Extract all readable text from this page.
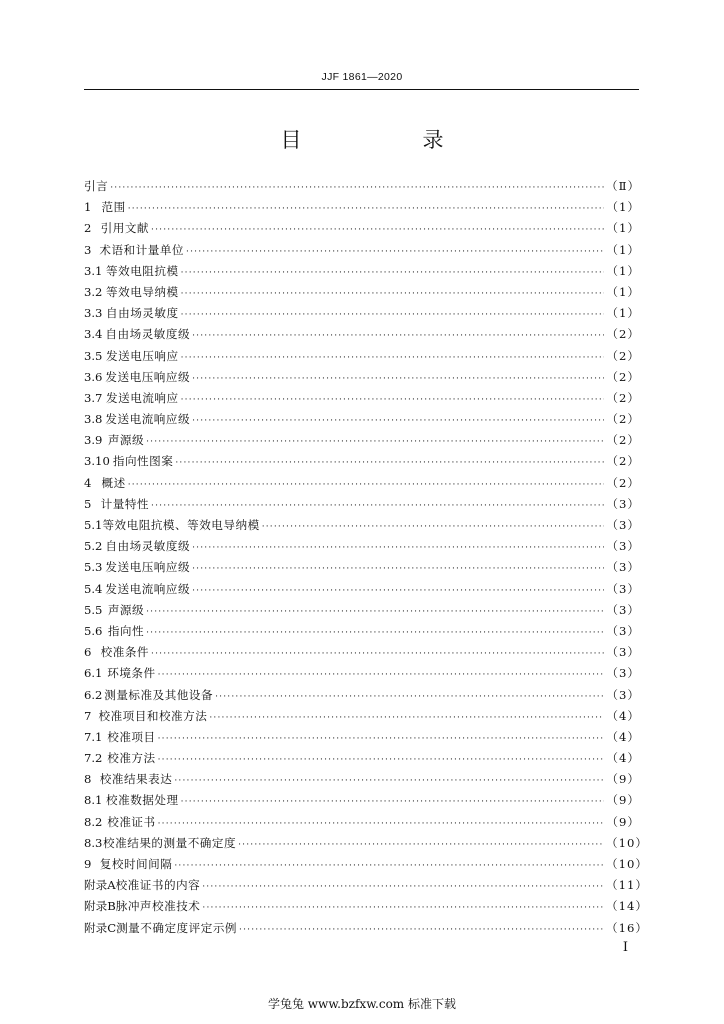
JJF 1861—2020
目　录
引言 ·····	（Ⅱ）
1 范围 ·····	（1）
2 引用文献 ·····	（1）
3 术语和计量单位 ·····	（1）
3.1 等效电阻抗模 ·····	（1）
3.2 等效电导纳模 ·····	（1）
3.3 自由场灵敏度 ·····	（1）
3.4 自由场灵敏度级 ·····	（2）
3.5 发送电压响应 ·····	（2）
3.6 发送电压响应级 ·····	（2）
3.7 发送电流响应 ·····	（2）
3.8 发送电流响应级 ·····	（2）
3.9 声源级 ·····	（2）
3.10 指向性图案 ·····	（2）
4 概述 ·····	（2）
5 计量特性 ·····	（3）
5.1 等效电阻抗模、等效电导纳模 ·····	（3）
5.2 自由场灵敏度级 ·····	（3）
5.3 发送电压响应级 ·····	（3）
5.4 发送电流响应级 ·····	（3）
5.5 声源级 ·····	（3）
5.6 指向性 ·····	（3）
6 校准条件 ·····	（3）
6.1 环境条件 ·····	（3）
6.2 测量标准及其他设备 ·····	（3）
7 校准项目和校准方法 ·····	（4）
7.1 校准项目 ·····	（4）
7.2 校准方法 ·····	（4）
8 校准结果表达 ·····	（9）
8.1 校准数据处理 ·····	（9）
8.2 校准证书 ·····	（9）
8.3 校准结果的测量不确定度 ·····	（10）
9 复校时间间隔 ·····	（10）
附录A 校准证书的内容 ·····	（11）
附录B 脉冲声校准技术 ·····	（14）
附录C 测量不确定度评定示例 ·····	（16）
I
学兔兔 www.bzfxw.com 标准下载
